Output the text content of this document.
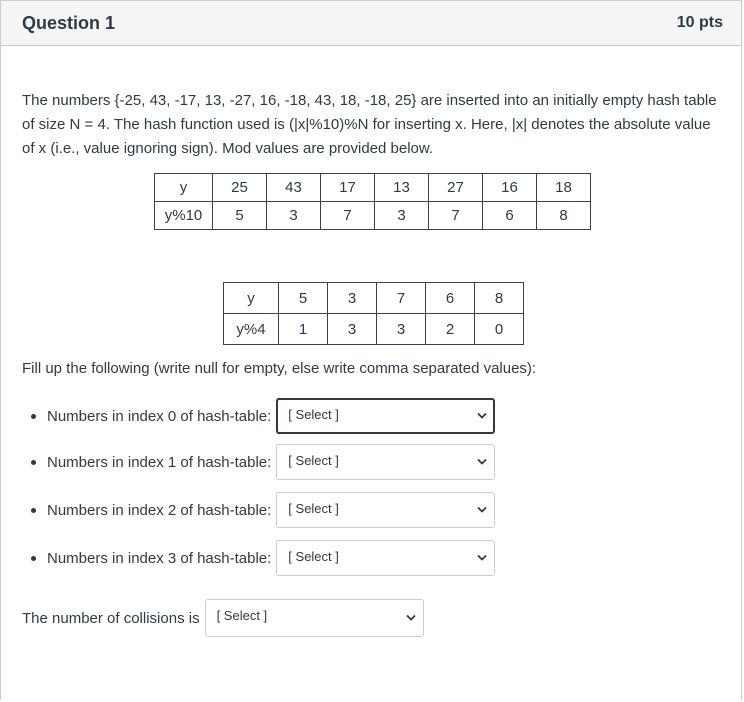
Question 1	10 pts
The numbers {-25, 43, -17, 13, -27, 16, -18, 43, 18, -18, 25} are inserted into an initially empty hash table of size N = 4. The hash function used is (|x|%10)%N for inserting x. Here, |x| denotes the absolute value of x (i.e., value ignoring sign). Mod values are provided below.
y	25	43	17	13	27	16	18
y%10	5	3	7	3	7	6	8
y	5	3	7	6	8
y%4	1	3	3	2	0
Fill up the following (write null for empty, else write comma separated values):
Numbers in index 0 of hash-table: [ Select ]
Numbers in index 1 of hash-table: [ Select ]
Numbers in index 2 of hash-table: [ Select ]
Numbers in index 3 of hash-table: [ Select ]
The number of collisions is [ Select ]
